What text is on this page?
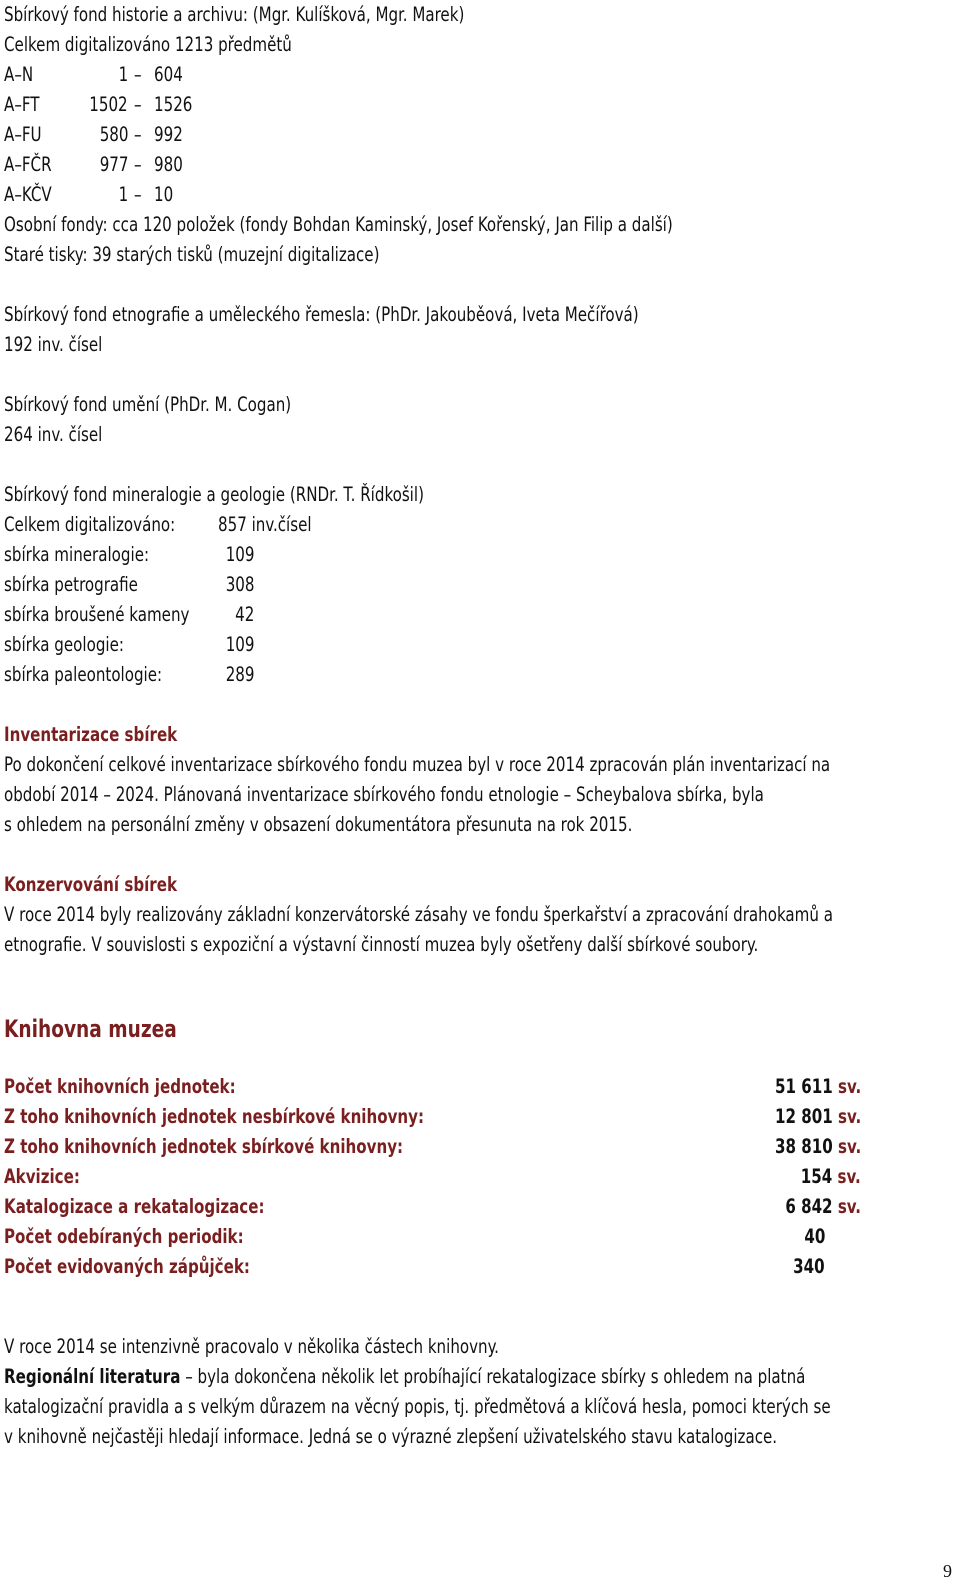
Sbírkový fond historie a archivu: (Mgr. Kulíšková, Mgr. Marek)
Celkem digitalizováno 1213 předmětů
A–N	1 – 604
A–FT	1502 – 1526
A–FU	580 – 992
A–FČR	977 – 980
A–KČV	1 – 10
Osobní fondy: cca 120 položek (fondy Bohdan Kaminský, Josef Kořenský, Jan Filip a další)
Staré tisky: 39 starých tisků (muzejní digitalizace)
Sbírkový fond etnografie a uměleckého řemesla: (PhDr. Jakouběová, Iveta Mečířová)
192 inv. čísel
Sbírkový fond umění (PhDr. M. Cogan)
264 inv. čísel
Sbírkový fond mineralogie a geologie (RNDr. T. Řídkošil)
Celkem digitalizováno:	857 inv.čísel
sbírka mineralogie:	109
sbírka petrografie	308
sbírka broušené kameny	42
sbírka geologie:	109
sbírka paleontologie:	289
Inventarizace sbírek
Po dokončení celkové inventarizace sbírkového fondu muzea byl v roce 2014 zpracován plán inventarizací na
období 2014 – 2024. Plánovaná inventarizace sbírkového fondu etnologie – Scheybalova sbírka, byla
s ohledem na personální změny v obsazení dokumentátora přesunuta na rok 2015.
Konzervování sbírek
V roce 2014 byly realizovány základní konzervátorské zásahy ve fondu šperkařství a zpracování drahokamů a
etnografie. V souvislosti s expoziční a výstavní činností muzea byly ošetřeny další sbírkové soubory.
Knihovna muzea
Počet knihovních jednotek:	51 611 sv.
Z toho knihovních jednotek nesbírkové knihovny:	12 801 sv.
Z toho knihovních jednotek sbírkové knihovny:	38 810 sv.
Akvizice:	154 sv.
Katalogizace a rekatalogizace:	6 842 sv.
Počet odebíraných periodik:	40
Počet evidovaných zápůjček:	340
V roce 2014 se intenzivně pracovalo v několika částech knihovny.
Regionální literatura – byla dokončena několik let probíhající rekatalogizace sbírky s ohledem na platná
katalogizační pravidla a s velkým důrazem na věcný popis, tj. předmětová a klíčová hesla, pomoci kterých se
v knihovně nejčastěji hledají informace. Jedná se o výrazné zlepšení uživatelského stavu katalogizace.
9
